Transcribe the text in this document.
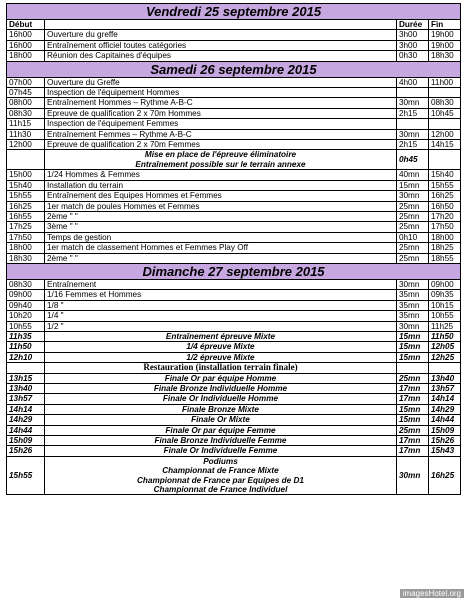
Vendredi 25 septembre 2015			
Début		Durée	Fin
16h00	Ouverture du greffe	3h00	19h00
16h00	Entraînement officiel toutes catégories	3h00	19h00
18h00	Réunion des Capitaines d'équipes	0h30	18h30
Samedi 26 septembre 2015			
07h00	Ouverture du Greffe	4h00	11h00
07h45	Inspection de l'équipement Hommes		
08h00	Entraînement Hommes – Rythme A-B-C	30mn	08h30
08h30	Epreuve de qualification 2 x 70m Hommes	2h15	10h45
11h15	Inspection de l'équipement Femmes		
11h30	Entraînement Femmes – Rythme A-B-C	30mn	12h00
12h00	Epreuve de qualification 2 x 70m Femmes	2h15	14h15

	Mise en place de l'épreuve éliminatoire
Entraînement possible sur le terrain annexe	0h45	
15h00	1/24 Hommes & Femmes	40mn	15h40
15h40	Installation du terrain	15mn	15h55
15h55	Entraînement des Equipes Hommes et Femmes	30mn	16h25
16h25	1er match de poules Hommes et Femmes	25mn	16h50
16h55	2ème " "	25mn	17h20
17h25	3ème " "	25mn	17h50
17h50	Temps de gestion	0h10	18h00
18h00	1er match de classement Hommes et Femmes Play Off	25mn	18h25
18h30	2ème " "	25mn	18h55
Dimanche 27 septembre 2015			
08h30	Entraînement	30mn	09h00
09h00	1/16 Femmes et Hommes	35mn	09h35
09h40	1/8 "	35mn	10h15
10h20	1/4 "	35mn	10h55
10h55	1/2 "	30mn	11h25
11h35	Entraînement épreuve Mixte	15mn	11h50
11h50	1/4 épreuve Mixte	15mn	12h05
12h10	1/2 épreuve Mixte	15mn	12h25
	Restauration (installation terrain finale)		
13h15	Finale Or par équipe Homme	25mn	13h40
13h40	Finale Bronze Individuelle Homme	17mn	13h57
13h57	Finale Or Individuelle Homme	17mn	14h14
14h14	Finale Bronze Mixte	15mn	14h29
14h29	Finale Or Mixte	15mn	14h44
14h44	Finale Or par équipe Femme	25mn	15h09
15h09	Finale Bronze Individuelle Femme	17mn	15h26
15h26	Finale Or Individuelle Femme	17mn	15h43
15h55	Podiums
Championnat de France Mixte
Championnat de France par Equipes de D1
Championnat de France Individuel	30mn	16h25
imagesHotel.org
